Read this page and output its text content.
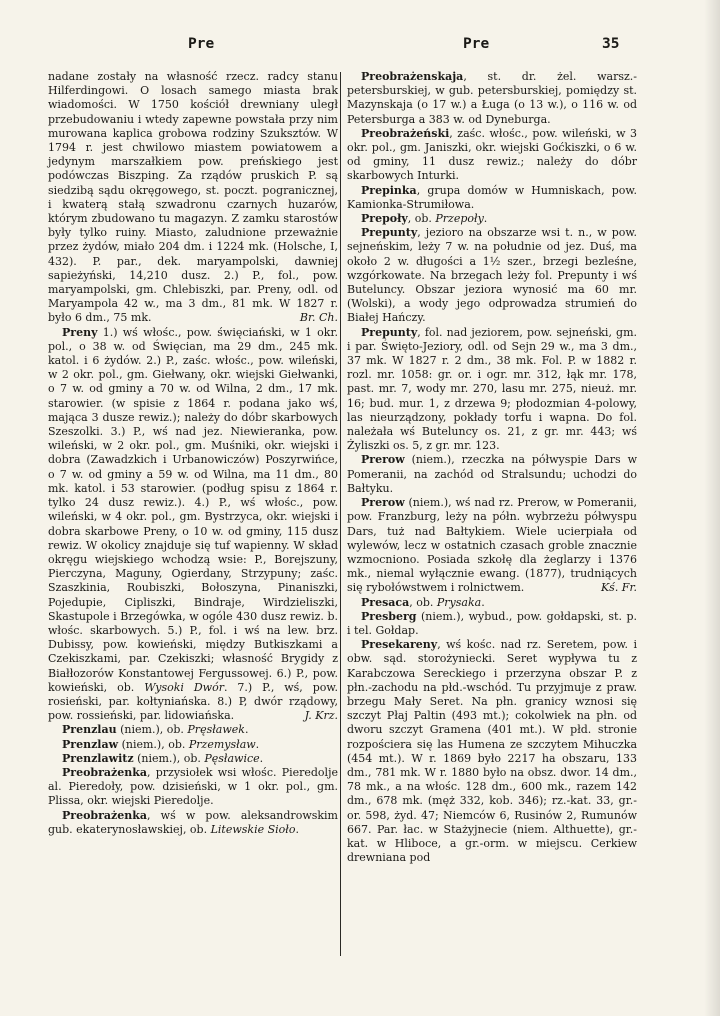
Pre	Pre	35

nadane zostały na własność rzecz. radcy stanu Hilferdingowi. O losach samego miasta brak wiadomości. W 1750 kościół drewniany uległ przebudowaniu i wtedy zapewne powstała przy nim murowana kaplica grobowa rodziny Szuksztów. W 1794 r. jest chwilowo miastem powiatowem a jedynym marszałkiem pow. preńskiego jest podówczas Biszping. Za rządów pruskich P. są siedzibą sądu okręgowego, st. poczt. pogranicznej, i kwaterą stałą szwadronu czarnych huzarów, którym zbudowano tu magazyn. Z zamku starostów były tylko ruiny. Miasto, zaludnione przeważnie przez żydów, miało 204 dm. i 1224 mk. (Holsche, I, 432). P. par., dek. maryampolski, dawniej sapieżyński, 14,210 dusz. 2.) P., fol., pow. maryampolski, gm. Chlebiszki, par. Preny, odl. od Maryampola 42 w., ma 3 dm., 81 mk. W 1827 r. było 6 dm., 75 mk.	Br. Ch.

Preny 1.) wś włośc., pow. święciański, w 1 okr. pol., o 38 w. od Święcian, ma 29 dm., 245 mk. katol. i 6 żydów. 2.) P., zaśc. włośc., pow. wileński, w 2 okr. pol., gm. Giełwany, okr. wiejski Giełwanki, o 7 w. od gminy a 70 w. od Wilna, 2 dm., 17 mk. starowier. (w spisie z 1864 r. podana jako wś, mająca 3 dusze rewiz.); należy do dóbr skarbowych Szeszolki. 3.) P., wś nad jez. Niewieranka, pow. wileński, w 2 okr. pol., gm. Muśniki, okr. wiejski i dobra (Zawadzkich i Urbanowiczów) Poszyrwińce, o 7 w. od gminy a 59 w. od Wilna, ma 11 dm., 80 mk. katol. i 53 starowier. (podług spisu z 1864 r. tylko 24 dusz rewiz.). 4.) P., wś włośc., pow. wileński, w 4 okr. pol., gm. Bystrzyca, okr. wiejski i dobra skarbowe Preny, o 10 w. od gminy, 115 dusz rewiz. W okolicy znajduje się tuf wapienny. W skład okręgu wiejskiego wchodzą wsie: P., Borejszuny, Pierczyna, Maguny, Ogierdany, Strzypuny; zaśc. Szaszkinia, Roubiszki, Bołoszyna, Pinaniszki, Pojedupie, Cipliszki, Bindraje, Wirdzieliszki, Skastupole i Brzegówka, w ogóle 430 dusz rewiz. b. włośc. skarbowych. 5.) P., fol. i wś na lew. brz. Dubissy, pow. kowieński, między Butkiszkami a Czekiszkami, par. Czekiszki; własność Brygidy z Białłozorów Konstantowej Fergussowej. 6.) P., pow. kowieński, ob. Wysoki Dwór. 7.) P., wś, pow. rosieński, par. kołtyniańska. 8.) P, dwór rządowy, pow. rossieński, par. lidowiańska.	J. Krz.

Prenzlau (niem.), ob. Pręsławek.

Prenzlaw (niem.), ob. Przemysław.

Prenzlawitz (niem.), ob. Pęsławice.

Preobrażenka, przysiołek wsi włośc. Pieredolje al. Pieredoły, pow. dzisieński, w 1 okr. pol., gm. Plissa, okr. wiejski Pieredolje.

Preobrażenka, wś w pow. aleksandrowskim gub. ekaterynosławskiej, ob. Litewskie Sioło.

Preobrażenskaja, st. dr. żel. warsz.-petersburskiej, w gub. petersburskiej, pomiędzy st. Mazynskaja (o 17 w.) a Ługa (o 13 w.), o 116 w. od Petersburga a 383 w. od Dyneburga.

Preobrażeński, zaśc. włośc., pow. wileński, w 3 okr. pol., gm. Janiszki, okr. wiejski Goćkiszki, o 6 w. od gminy, 11 dusz rewiz.; należy do dóbr skarbowych Inturki.

Prepinka, grupa domów w Humniskach, pow. Kamionka-Strumiłowa.

Prepoły, ob. Przepoły.

Prepunty, jezioro na obszarze wsi t. n., w pow. sejneńskim, leży 7 w. na południe od jez. Duś, ma około 2 w. długości a 1½ szer., brzegi bezleśne, wzgórkowate. Na brzegach leży fol. Prepunty i wś Buteluncy. Obszar jeziora wynosić ma 60 mr. (Wolski), a wody jego odprowadza strumień do Białej Hańczy.

Prepunty, fol. nad jeziorem, pow. sejneński, gm. i par. Święto-Jeziory, odl. od Sejn 29 w., ma 3 dm., 37 mk. W 1827 r. 2 dm., 38 mk. Fol. P. w 1882 r. rozl. mr. 1058: gr. or. i ogr. mr. 312, łąk mr. 178, past. mr. 7, wody mr. 270, lasu mr. 275, nieuż. mr. 16; bud. mur. 1, z drzewa 9; płodozmian 4-polowy, las nieurządzony, pokłady torfu i wapna. Do fol. należała wś Buteluncy os. 21, z gr. mr. 443; wś Żyliszki os. 5, z gr. mr. 123.

Prerow (niem.), rzeczka na półwyspie Dars w Pomeranii, na zachód od Stralsundu; uchodzi do Bałtyku.

Prerow (niem.), wś nad rz. Prerow, w Pomeranii, pow. Franzburg, leży na półn. wybrzeżu półwyspu Dars, tuż nad Bałtykiem. Wiele ucierpiała od wylewów, lecz w ostatnich czasach groble znacznie wzmocniono. Posiada szkołę dla żeglarzy i 1376 mk., niemal wyłącznie ewang. (1877), trudniących się rybołówstwem i rolnictwem.	Kś. Fr.

Presaca, ob. Prysaka.

Presberg (niem.), wybud., pow. gołdapski, st. p. i tel. Gołdap.

Presekareny, wś kośc. nad rz. Seretem, pow. i obw. sąd. storożyniecki. Seret wypływa tu z Karabczowa Sereckiego i przerzyna obszar P. z płn.-zachodu na płd.-wschód. Tu przyjmuje z praw. brzegu Mały Seret. Na płn. granicy wznosi się szczyt Płaj Paltin (493 mt.); cokolwiek na płn. od dworu szczyt Gramena (401 mt.). W płd. stronie rozpościera się las Humena ze szczytem Mihuczka (454 mt.). W r. 1869 było 2217 ha obszaru, 133 dm., 781 mk. W r. 1880 było na obsz. dwor. 14 dm., 78 mk., a na włośc. 128 dm., 600 mk., razem 142 dm., 678 mk. (męż 332, kob. 346); rz.-kat. 33, gr.-or. 598, żyd. 47; Niemców 6, Rusinów 2, Rumunów 667. Par. łac. w Stażyjnecie (niem. Althuette), gr.-kat. w Hliboce, a gr.-orm. w miejscu. Cerkiew drewniana pod
